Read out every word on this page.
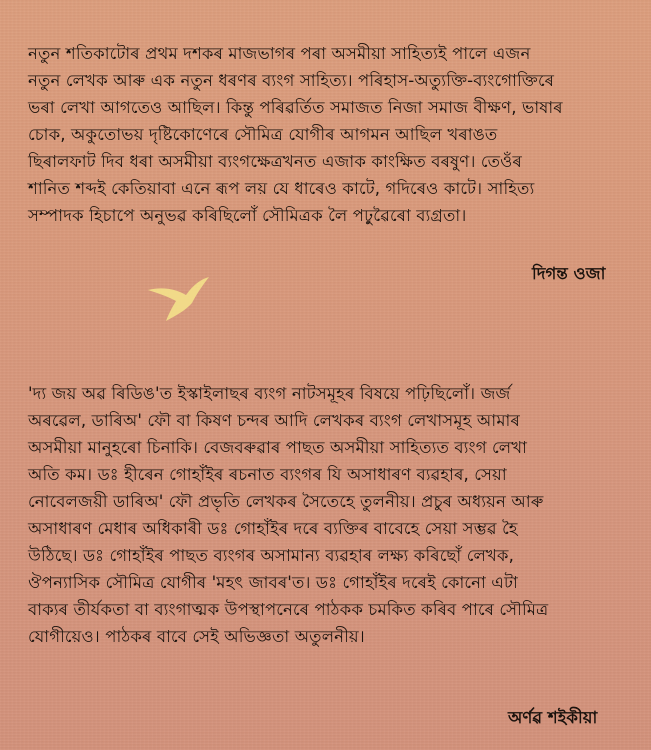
নতুন শতিকাটোৰ প্ৰথম দশকৰ মাজভাগৰ পৰা অসমীয়া সাহিত্যই পালে এজন

নতুন লেখক আৰু এক নতুন ধৰণৰ ব্যংগ সাহিত্য। পৰিহাস-অত্যুক্তি-ব্যংগোক্তিৰে

ভৰা লেখা আগতেও আছিল। কিন্তু পৰিৱৰ্তিত সমাজত নিজা সমাজ বীক্ষণ, ভাষাৰ

চোক, অকুতোভয় দৃষ্টিকোণেৰে সৌমিত্ৰ যোগীৰ আগমন আছিল খৰাঙত

ছিৰালফাট দিব ধৰা অসমীয়া ব্যংগক্ষেত্ৰখনত এজাক কাংক্ষিত বৰষুণ। তেওঁৰ

শানিত শব্দই কেতিয়াবা এনে ৰূপ লয় যে ধাৰেও কাটে, গদিৰেও কাটে। সাহিত্য

সম্পাদক হিচাপে অনুভৱ কৰিছিলোঁ সৌমিত্ৰক লৈ পঢ়ুৱৈৰো ব্যগ্ৰতা।

দিগন্ত ওজা

'দ্য জয় অৱ ৰিডিঙ'ত ইস্কাইলাছৰ ব্যংগ নাটসমূহৰ বিষয়ে পঢ়িছিলোঁ। জৰ্জ

অৰৱেল, ডাৰিঅ' ফৌ বা কিষণ চন্দৰ আদি লেখকৰ ব্যংগ লেখাসমূহ আমাৰ

অসমীয়া মানুহৰো চিনাকি। বেজবৰুৱাৰ পাছত অসমীয়া সাহিত্যত ব্যংগ লেখা

অতি কম। ডঃ হীৰেন গোহাঁইৰ ৰচনাত ব্যংগৰ যি অসাধাৰণ ব্যৱহাৰ, সেয়া

নোবেলজয়ী ডাৰিঅ' ফৌ প্ৰভৃতি লেখকৰ সৈতেহে তুলনীয়। প্ৰচুৰ অধ্যয়ন আৰু

অসাধাৰণ মেধাৰ অধিকাৰী ডঃ গোহাঁইৰ দৰে ব্যক্তিৰ বাবেহে সেয়া সম্ভৱ হৈ

উঠিছে। ডঃ গোহাঁইৰ পাছত ব্যংগৰ অসামান্য ব্যৱহাৰ লক্ষ্য কৰিছোঁ লেখক,

ঔপন্যাসিক সৌমিত্ৰ যোগীৰ 'মহৎ জাবৰ'ত। ডঃ গোহাঁইৰ দৰেই কোনো এটা

বাক্যৰ তীৰ্যকতা বা ব্যংগাত্মক উপস্থাপনেৰে পাঠকক চমকিত কৰিব পাৰে সৌমিত্ৰ

যোগীয়েও। পাঠকৰ বাবে সেই অভিজ্ঞতা অতুলনীয়।

অৰ্ণৱ শইকীয়া
